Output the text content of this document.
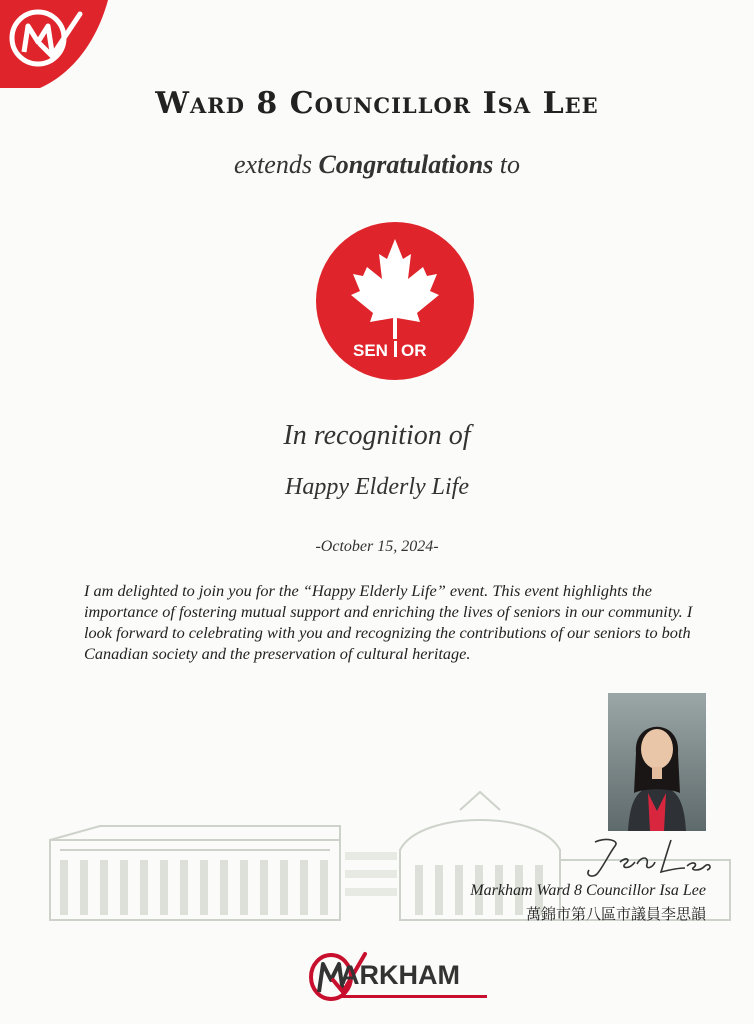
Ward 8 Councillor Isa Lee
extends Congratulations to
SEN OR
In recognition of
Happy Elderly Life
-October 15, 2024-
I am delighted to join you for the “Happy Elderly Life” event. This event highlights the importance of fostering mutual support and enriching the lives of seniors in our community. I look forward to celebrating with you and recognizing the contributions of our seniors to both Canadian society and the preservation of cultural heritage.
Markham Ward 8 Councillor Isa Lee
萬錦市第八區市議員李思韻
ARKHAM
